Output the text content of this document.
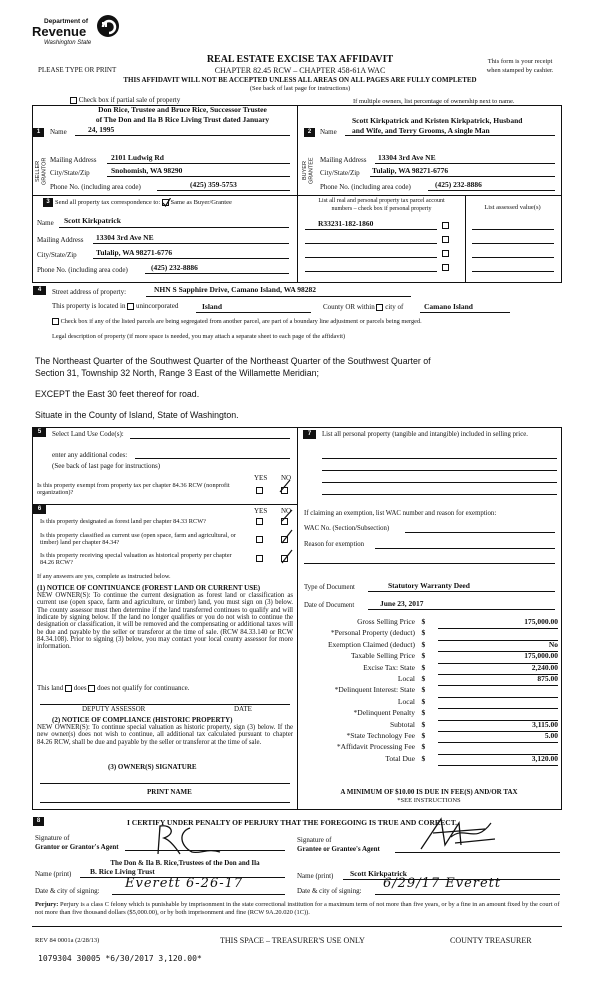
Department of
Revenue
Washington State
REAL ESTATE EXCISE TAX AFFIDAVIT
CHAPTER 82.45 RCW – CHAPTER 458-61A WAC
PLEASE TYPE OR PRINT
This form is your receipt
when stamped by cashier.
THIS AFFIDAVIT WILL NOT BE ACCEPTED UNLESS ALL AREAS ON ALL PAGES ARE FULLY COMPLETED
(See back of last page for instructions)
Check box if partial sale of property	If multiple owners, list percentage of ownership next to name.
1
SELLER GRANTOR
Don Rice, Trustee and Bruce Rice, Successor Trustee
of The Don and Ila B Rice Living Trust dated January
Name	24, 1995
Mailing Address 2101 Ludwig Rd
City/State/Zip	Snohomish, WA 98290
Phone No. (including area code)	(425) 359-5753
2
BUYER GRANTEE
Name
Scott Kirkpatrick and Kristen Kirkpatrick, Husband
and Wife, and Terry Grooms, A single Man
Mailing Address 13304 3rd Ave NE
City/State/Zip Tulalip, WA 98271-6776
Phone No. (including area code)	(425) 232-8886
3 Send all property tax correspondence to: Same as Buyer/Grantee
Name Scott Kirkpatrick
Mailing Address 13304 3rd Ave NE
City/State/Zip	Tulalip, WA 98271-6776
Phone No. (including area code)	(425) 232-8886
List all real and personal property tax parcel account
numbers – check box if personal property	List assessed value(s)
R33231-182-1860
4	Street address of property:	NHN S Sapphire Drive, Camano Island, WA 98282
This property is located in unincorporated	Island	County OR within city of	Camano Island
Check box if any of the listed parcels are being segregated from another parcel, are part of a boundary line adjustment or parcels being merged.
Legal description of property (if more space is needed, you may attach a separate sheet to each page of the affidavit)
The Northeast Quarter of the Southwest Quarter of the Northeast Quarter of the Southwest Quarter of
Section 31, Township 32 North, Range 3 East of the Willamette Meridian;
EXCEPT the East 30 feet thereof for road.
Situate in the County of Island, State of Washington.
5	Select Land Use Code(s):
enter any additional codes:
(See back of last page for instructions)
YES NO
Is this property exempt from property tax per chapter 84.36 RCW (nonprofit organization)?
6	YES NO
Is this property designated as forest land per chapter 84.33 RCW?
Is this property classified as current use (open space, farm and agricultural, or timber) land per chapter 84.34?
Is this property receiving special valuation as historical property per chapter 84.26 RCW?
If any answers are yes, complete as instructed below.
(1) NOTICE OF CONTINUANCE (FOREST LAND OR CURRENT USE)
NEW OWNER(S): To continue the current designation as forest land or classification as current use (open space, farm and agriculture, or timber) land, you must sign on (3) below. The county assessor must then determine if the land transferred continues to qualify and will indicate by signing below. If the land no longer qualifies or you do not wish to continue the designation or classification, it will be removed and the compensating or additional taxes will be due and payable by the seller or transferor at the time of sale. (RCW 84.33.140 or RCW 84.34.108). Prior to signing (3) below, you may contact your local county assessor for more information.
This land does does not qualify for continuance.
DEPUTY ASSESSOR	DATE
(2) NOTICE OF COMPLIANCE (HISTORIC PROPERTY)
NEW OWNER(S): To continue special valuation as historic property, sign (3) below. If the new owner(s) does not wish to continue, all additional tax calculated pursuant to chapter 84.26 RCW, shall be due and payable by the seller or transferor at the time of sale.
(3) OWNER(S) SIGNATURE
PRINT NAME
7	List all personal property (tangible and intangible) included in selling price.
If claiming an exemption, list WAC number and reason for exemption:
WAC No. (Section/Subsection)
Reason for exemption
Type of Document	Statutory Warranty Deed
Date of Document	June 23, 2017
Gross Selling Price $	175,000.00
*Personal Property (deduct) $
Exemption Claimed (deduct) $	No
Taxable Selling Price $	175,000.00
Excise Tax: State $	2,240.00
Local $	875.00
*Delinquent Interest: State $
Local $
*Delinquent Penalty $
Subtotal $	3,115.00
*State Technology Fee $	5.00
*Affidavit Processing Fee $
Total Due $	3,120.00
A MINIMUM OF $10.00 IS DUE IN FEE(S) AND/OR TAX
*SEE INSTRUCTIONS
8	I CERTIFY UNDER PENALTY OF PERJURY THAT THE FOREGOING IS TRUE AND CORRECT.
Signature of
Grantor or Grantor's Agent
Signature of
Grantee or Grantee's Agent
The Don & Ila B. Rice,Trustees of the Don and Ila
Name (print) B. Rice Living Trust	Name (print) Scott Kirkpatrick
Date & city of signing: Everett 6-26-17	Date & city of signing: 6/29/17 Everett
Perjury: Perjury is a class C felony which is punishable by imprisonment in the state correctional institution for a maximum term of not more than five years, or by a fine in an amount fixed by the court of not more than five thousand dollars ($5,000.00), or by both imprisonment and fine (RCW 9A.20.020 (1C)).
REV 84 0001a (2/28/13)	THIS SPACE – TREASURER'S USE ONLY	COUNTY TREASURER
1079304 30005 *6/30/2017 3,120.00*
